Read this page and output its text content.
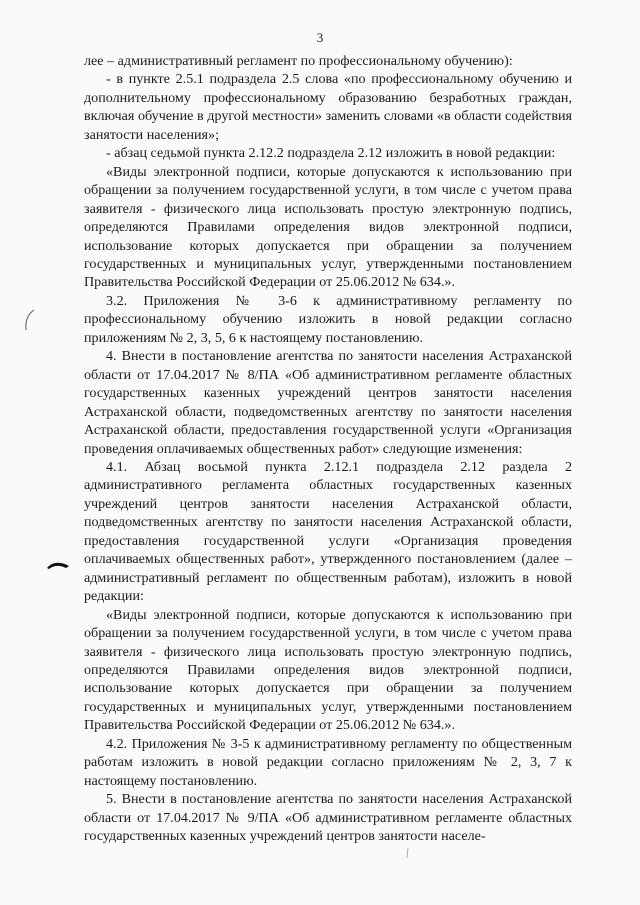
3

лее – административный регламент по профессиональному обучению):

- в пункте 2.5.1 подраздела 2.5 слова «по профессиональному обучению и дополнительному профессиональному образованию безработных граждан, включая обучение в другой местности» заменить словами «в области содействия занятости населения»;

- абзац седьмой пункта 2.12.2 подраздела 2.12 изложить в новой редакции:

«Виды электронной подписи, которые допускаются к использованию при обращении за получением государственной услуги, в том числе с учетом права заявителя - физического лица использовать простую электронную подпись, определяются Правилами определения видов электронной подписи, использование которых допускается при обращении за получением государственных и муниципальных услуг, утвержденными постановлением Правительства Российской Федерации от 25.06.2012 № 634.».

3.2. Приложения № 3-6 к административному регламенту по профессиональному обучению изложить в новой редакции согласно приложениям № 2, 3, 5, 6 к настоящему постановлению.

4. Внести в постановление агентства по занятости населения Астраханской области от 17.04.2017 № 8/ПА «Об административном регламенте областных государственных казенных учреждений центров занятости населения Астраханской области, подведомственных агентству по занятости населения Астраханской области, предоставления государственной услуги «Организация проведения оплачиваемых общественных работ» следующие изменения:

4.1. Абзац восьмой пункта 2.12.1 подраздела 2.12 раздела 2 административного регламента областных государственных казенных учреждений центров занятости населения Астраханской области, подведомственных агентству по занятости населения Астраханской области, предоставления государственной услуги «Организация проведения оплачиваемых общественных работ», утвержденного постановлением (далее – административный регламент по общественным работам), изложить в новой редакции:

«Виды электронной подписи, которые допускаются к использованию при обращении за получением государственной услуги, в том числе с учетом права заявителя - физического лица использовать простую электронную подпись, определяются Правилами определения видов электронной подписи, использование которых допускается при обращении за получением государственных и муниципальных услуг, утвержденными постановлением Правительства Российской Федерации от 25.06.2012 № 634.».

4.2. Приложения № 3-5 к административному регламенту по общественным работам изложить в новой редакции согласно приложениям № 2, 3, 7 к настоящему постановлению.

5. Внести в постановление агентства по занятости населения Астраханской области от 17.04.2017 № 9/ПА «Об административном регламенте областных государственных казенных учреждений центров занятости населе-
